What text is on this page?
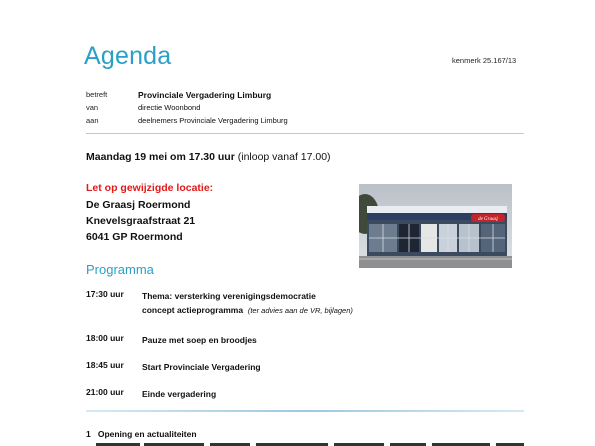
Agenda	kenmerk 25.167/13
betreft	Provinciale Vergadering Limburg
van	directie Woonbond
aan	deelnemers Provinciale Vergadering Limburg
Maandag 19 mei om 17.30 uur (inloop vanaf 17.00)
Let op gewijzigde locatie:
De Graasj Roermond
Knevelsgraafstraat 21
6041 GP Roermond
de Graasj
Programma
17:30 uur	Thema: versterking verenigingsdemocratie
concept actieprogramma (ter advies aan de VR, bijlagen)
18:00 uur	Pauze met soep en broodjes
18:45 uur	Start Provinciale Vergadering
21:00 uur	Einde vergadering
1 Opening en actualiteiten
